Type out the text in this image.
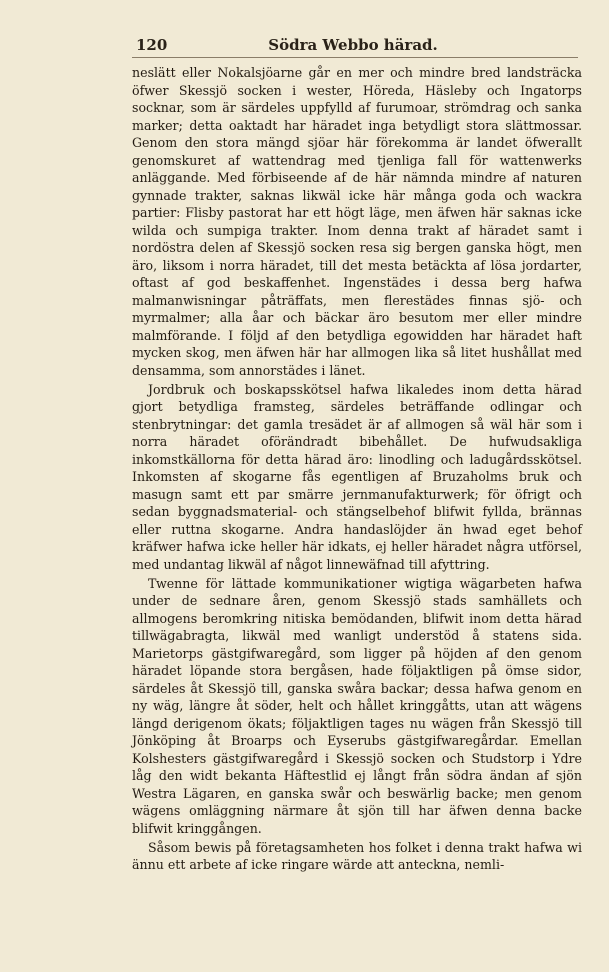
120	Södra Webbo härad.

neslätt eller Nokalsjöarne går en mer och mindre bred landsträcka öfwer Skessjö socken i wester, Höreda, Häsleby och Ingatorps socknar, som är särdeles uppfylld af furumoar, strömdrag och sanka marker; detta oaktadt har häradet inga betydligt stora slättmossar. Genom den stora mängd sjöar här förekomma är landet öfwerallt genomskuret af wattendrag med tjenliga fall för wattenwerks anläggande. Med förbiseende af de här nämnda mindre af naturen gynnade trakter, saknas likwäl icke här många goda och wackra partier: Flisby pastorat har ett högt läge, men äfwen här saknas icke wilda och sumpiga trakter. Inom denna trakt af häradet samt i nordöstra delen af Skessjö socken resa sig bergen ganska högt, men äro, liksom i norra häradet, till det mesta betäckta af lösa jordarter, oftast af god beskaffenhet. Ingenstädes i dessa berg hafwa malmanwisningar påträffats, men flerestädes finnas sjö- och myrmalmer; alla åar och bäckar äro besutom mer eller mindre malmförande. I följd af den betydliga egowidden har häradet haft mycken skog, men äfwen här har allmogen lika så litet hushållat med densamma, som annorstädes i länet.

Jordbruk och boskapsskötsel hafwa likaledes inom detta härad gjort betydliga framsteg, särdeles beträffande odlingar och stenbrytningar: det gamla tresädet är af allmogen så wäl här som i norra häradet oförändradt bibehållet. De hufwudsakliga inkomstkällorna för detta härad äro: linodling och ladugårdsskötsel. Inkomsten af skogarne fås egentligen af Bruzaholms bruk och masugn samt ett par smärre jernmanufakturwerk; för öfrigt och sedan byggnadsmaterial- och stängselbehof blifwit fyllda, brännas eller ruttna skogarne. Andra handaslöjder än hwad eget behof kräfwer hafwa icke heller här idkats, ej heller häradet några utförsel, med undantag likwäl af något linnewäfnad till afyttring.

Twenne för lättade kommunikationer wigtiga wägarbeten hafwa under de sednare åren, genom Skessjö stads samhällets och allmogens beromkring nitiska bemödanden, blifwit inom detta härad tillwägabragta, likwäl med wanligt understöd å statens sida. Marietorps gästgifwaregård, som ligger på höjden af den genom häradet löpande stora bergåsen, hade följaktligen på ömse sidor, särdeles åt Skessjö till, ganska swåra backar; dessa hafwa genom en ny wäg, längre åt söder, helt och hållet kringgåtts, utan att wägens längd derigenom ökats; följaktligen tages nu wägen från Skessjö till Jönköping åt Broarps och Eyserubs gästgifwaregårdar. Emellan Kolshesters gästgifwaregård i Skessjö socken och Studstorp i Ydre låg den widt bekanta Häftestlid ej långt från södra ändan af sjön Westra Lägaren, en ganska swår och beswärlig backe; men genom wägens omläggning närmare åt sjön till har äfwen denna backe blifwit kringgången.

Såsom bewis på företagsamheten hos folket i denna trakt hafwa wi ännu ett arbete af icke ringare wärde att anteckna, nemli-
